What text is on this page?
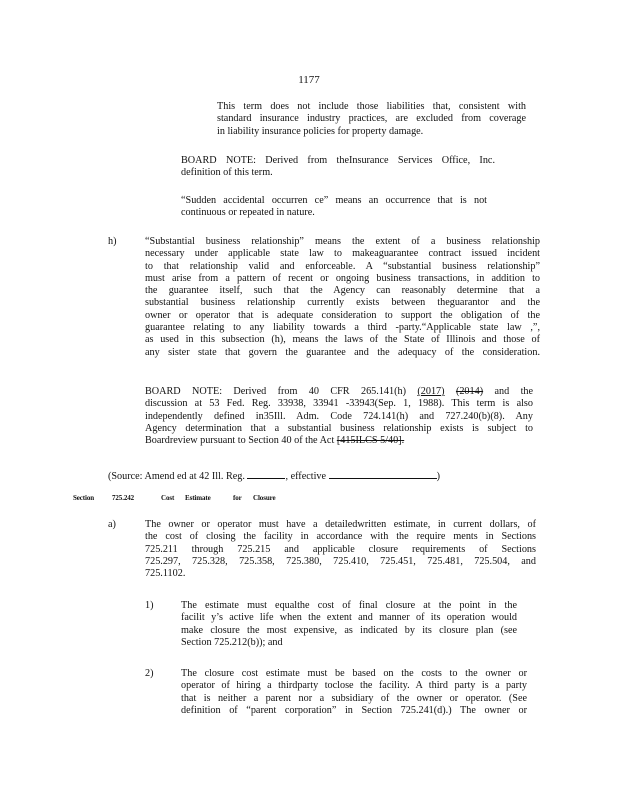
1177
This term does not include those liabilities that, consistent with
standard insurance industry practices, are excluded from coverage
in liability insurance policies for property damage.
BOARD NOTE: Derived from theInsurance Services Office, Inc.
definition of this term.
“Sudden accidental occurren ce” means an occurrence that is not
continuous or repeated in nature.
h)	“Substantial business relationship” means the extent of a business relationship
necessary under applicable state law to makeaguarantee contract issued incident
to that relationship valid and enforceable. A “substantial business relationship”
must arise from a pattern of recent or ongoing business transactions, in addition to
the guarantee itself, such that the Agency can reasonably determine that a
substantial business relationship currently exists between theguarantor and the
owner or operator that is adequate consideration to support the obligation of the
guarantee relating to any liability towards a third -party.“Applicable state law ,”,
as used in this subsection (h), means the laws of the State of Illinois and those of
any sister state that govern the guarantee and the adequacy of the consideration.
BOARD NOTE: Derived from 40 CFR 265.141(h) (2017) (2014) and the
discussion at 53 Fed. Reg. 33938, 33941 -33943(Sep. 1, 1988). This term is also
independently defined in35Ill. Adm. Code 724.141(h) and 727.240(b)(8). Any
Agency determination that a substantial business relationship exists is subject to
Boardreview pursuant to Section 40 of the Act [415ILCS 5/40].
(Source: Amend ed at 42 Ill. Reg.	, effective	)
Section	725.242	Cost Estimate	for Closure
a)	The owner or operator must have a detailedwritten estimate, in current dollars, of
the cost of closing the facility in accordance with the require ments in Sections
725.211 through 725.215 and applicable closure requirements of Sections
725.297, 725.328, 725.358, 725.380, 725.410, 725.451, 725.481, 725.504, and
725.1102.
1)	The estimate must equalthe cost of final closure at the point in the
facilit y’s active life when the extent and manner of its operation would
make closure the most expensive, as indicated by its closure plan (see
Section 725.212(b)); and
2)	The closure cost estimate must be based on the costs to the owner or
operator of hiring a thirdparty toclose the facility. A third party is a party
that is neither a parent nor a subsidiary of the owner or operator. (See
definition of “parent corporation” in Section 725.241(d).) The owner or
